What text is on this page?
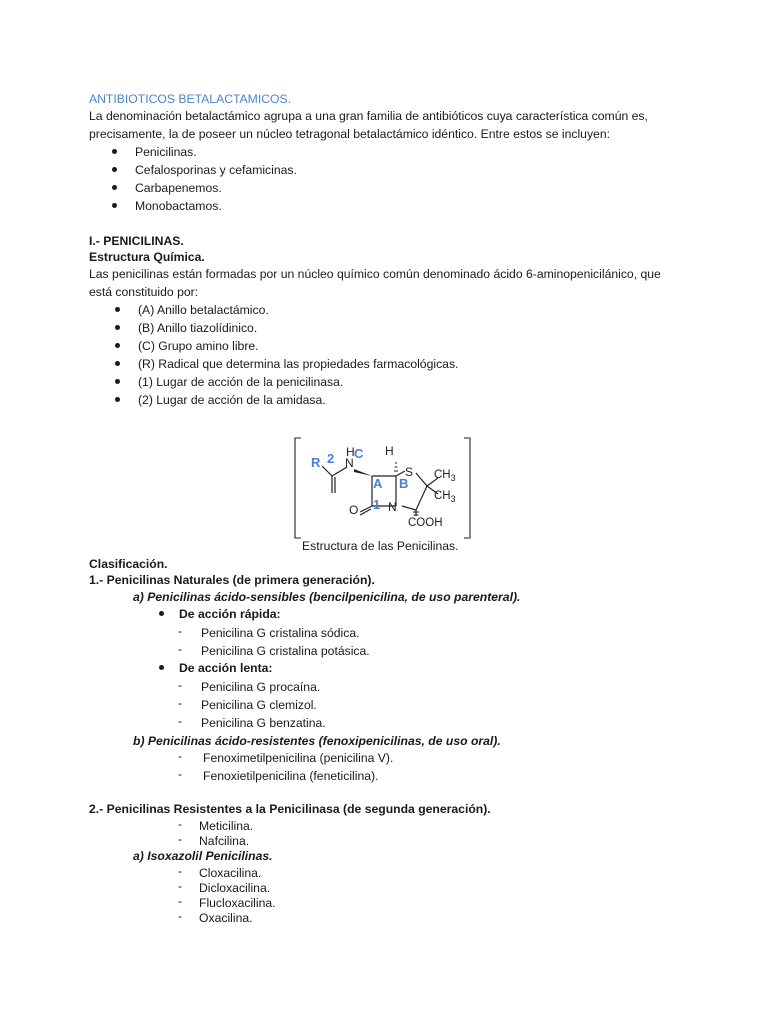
ANTIBIOTICOS BETALACTAMICOS.
La denominación betalactámico agrupa a una gran familia de antibióticos cuya característica común es,
precisamente, la de poseer un núcleo tetragonal betalactámico idéntico. Entre estos se incluyen:
Penicilinas.
Cefalosporinas y cefamicinas.
Carbapenemos.
Monobactamos.
I.- PENICILINAS.
Estructura Química.
Las penicilinas están formadas por un núcleo químico común denominado ácido 6-aminopenicilánico, que
está constituido por:
(A) Anillo betalactámico.
(B) Anillo tiazolídinico.
(C) Grupo amino libre.
(R) Radical que determina las propiedades farmacológicas.
(1) Lugar de acción de la penicilinasa.
(2) Lugar de acción de la amidasa.
R 2 H C
N
H
S
A B
$CH_3$
$CH_3$
N
O 1
COOH
Estructura de las Penicilinas.
Clasificación.
1.- Penicilinas Naturales (de primera generación).
a) Penicilinas ácido-sensibles (bencilpenicilina, de uso parenteral).
De acción rápida:
- Penicilina G cristalina sódica.
- Penicilina G cristalina potásica.
De acción lenta:
- Penicilina G procaína.
- Penicilina G clemizol.
- Penicilina G benzatina.
b) Penicilinas ácido-resistentes (fenoxipenicilinas, de uso oral).
- Fenoximetilpenicilina (penicilina V).
- Fenoxietilpenicilina (feneticilina).
2.- Penicilinas Resistentes a la Penicilinasa (de segunda generación).
- Meticilina.
- Nafcilina.
a) Isoxazolil Penicilinas.
- Cloxacilina.
- Dicloxacilina.
- Flucloxacilina.
- Oxacilina.
